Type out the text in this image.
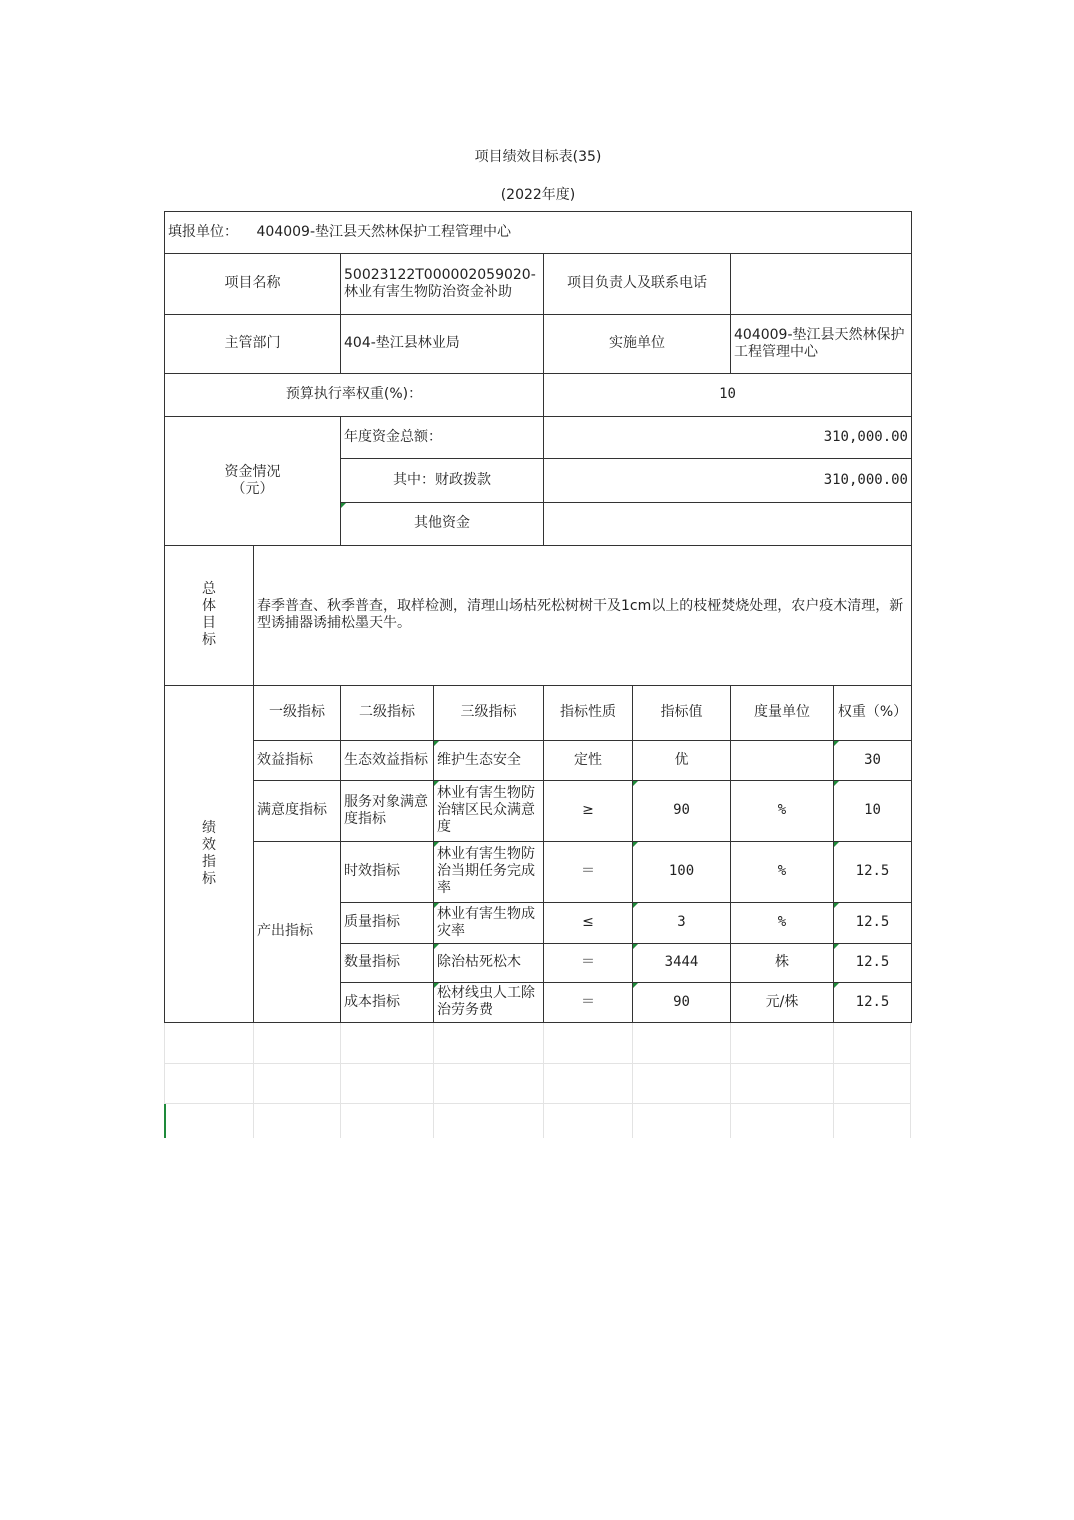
项目绩效目标表(35)							
(2022年度)							
填报单位：	404009-垫江县天然林保护工程管理中心						
项目名称		50023122T000002059020-林业有害生物防治资金补助		项目负责人及联系电话			
主管部门		404-垫江县林业局		实施单位		404009-垫江县天然林保护工程管理中心	
预算执行率权重(%)：				10			

资金情况
（元）		年度资金总额：		310,000.00			
		其中：财政拨款		310,000.00			
		其他资金					

总
体
目
标	春季普查、秋季普查，取样检测，清理山场枯死松树树干及1cm以上的枝桠焚烧处理，农户疫木清理，新型诱捕器诱捕松墨天牛。						

绩
效
指
标	一级指标	二级指标	三级指标	指标性质	指标值	度量单位	权重（%）
	效益指标	生态效益指标	维护生态安全	定性	优		30
	满意度指标	服务对象满意度指标	林业有害生物防治辖区民众满意度	≥	90	%	10
	产出指标	时效指标	林业有害生物防治当期任务完成率	＝	100	%	12.5
		质量指标	林业有害生物成灾率	≤	3	%	12.5
		数量指标	除治枯死松木	＝	3444	株	12.5
		成本指标	松材线虫人工除治劳务费	＝	90	元/株	12.5
